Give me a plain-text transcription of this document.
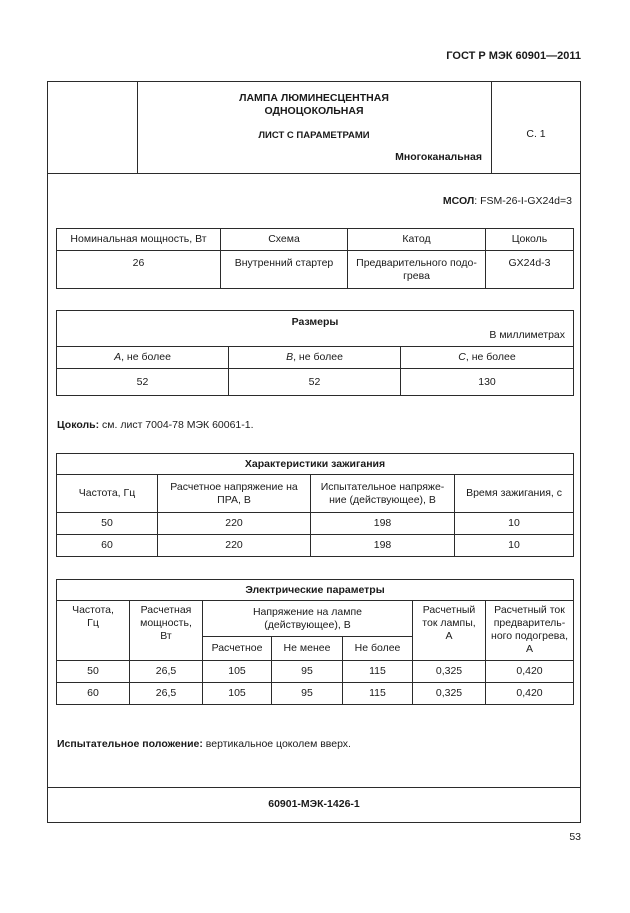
ГОСТ Р МЭК 60901—2011
ЛАМПА ЛЮМИНЕСЦЕНТНАЯ
ОДНОЦОКОЛЬНАЯ
ЛИСТ С ПАРАМЕТРАМИ
Многоканальная
С. 1
МСОЛ: FSM-26-I-GX24d=3
Номинальная мощность, Вт	Схема	Катод	Цоколь
26	Внутренний стартер	Предварительного подо-грева	GX24d-3
Размеры
В миллиметрах		

A, не более	B, не более	C, не более
52	52	130
Цоколь: см. лист 7004-78 МЭК 60061-1.
Характеристики зажигания			
Частота, Гц	Расчетное напряжение на ПРА, В	Испытательное напряже-ние (действующее), В	Время зажигания, с
50	220	198	10
60	220	198	10
Электрические параметры						
Частота, Гц	Расчетная мощность, Вт	Напряжение на лампе (действующее), В			Расчетный ток лампы, А	Расчетный ток предваритель-ного подогрева, А
		Расчетное	Не менее	Не более		
50	26,5	105	95	115	0,325	0,420
60	26,5	105	95	115	0,325	0,420
Испытательное положение: вертикальное цоколем вверх.
60901-МЭК-1426-1
53
